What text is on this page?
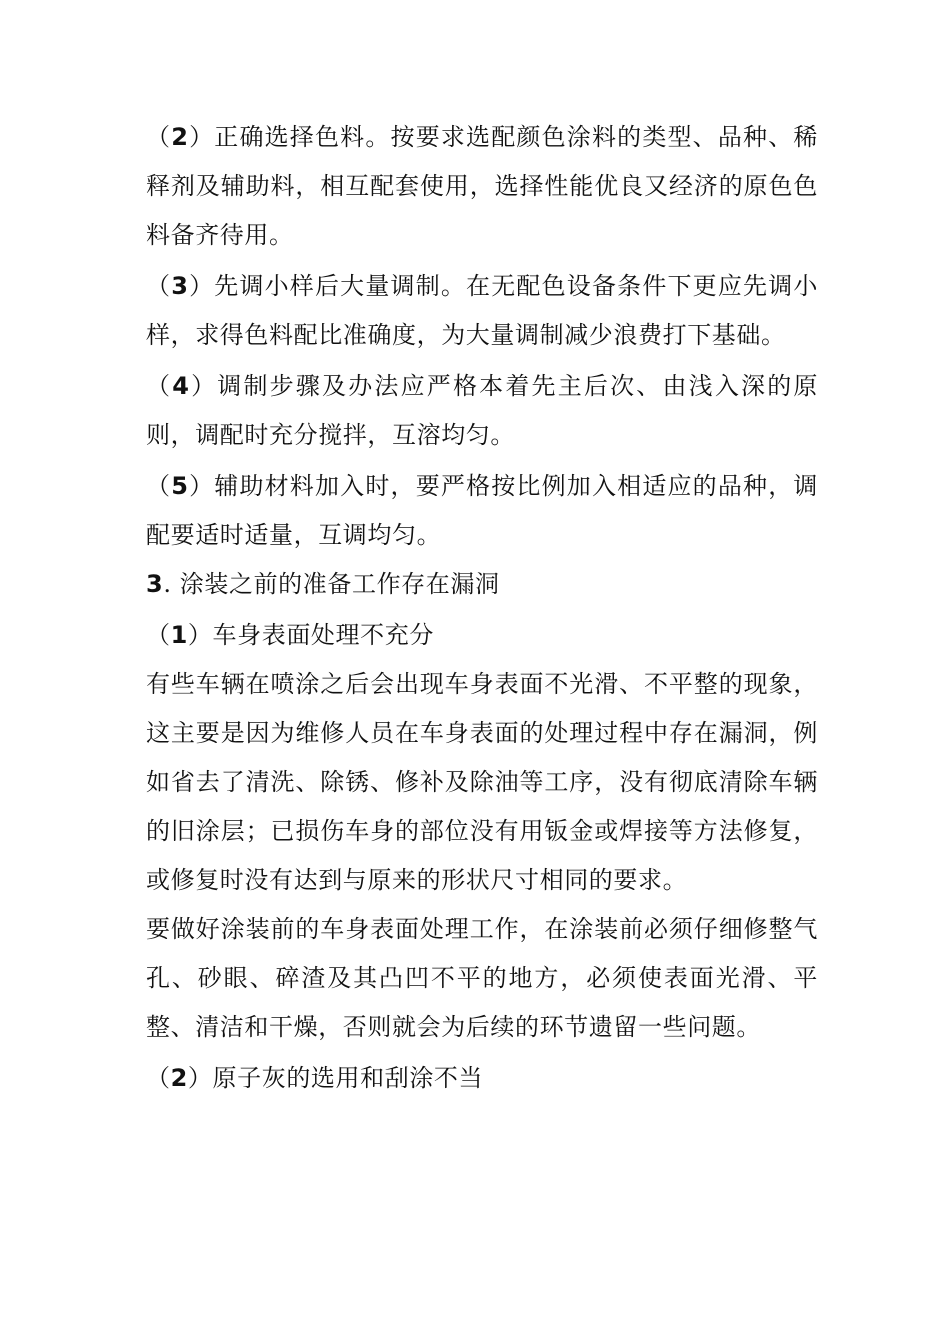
（2）正确选择色料。按要求选配颜色涂料的类型、品种、稀释剂及辅助料，相互配套使用，选择性能优良又经济的原色色料备齐待用。

（3）先调小样后大量调制。在无配色设备条件下更应先调小样，求得色料配比准确度，为大量调制减少浪费打下基础。

（4）调制步骤及办法应严格本着先主后次、由浅入深的原则，调配时充分搅拌，互溶均匀。

（5）辅助材料加入时，要严格按比例加入相适应的品种，调配要适时适量，互调均匀。

3. 涂装之前的准备工作存在漏洞

（1）车身表面处理不充分

有些车辆在喷涂之后会出现车身表面不光滑、不平整的现象，这主要是因为维修人员在车身表面的处理过程中存在漏洞，例如省去了清洗、除锈、修补及除油等工序，没有彻底清除车辆的旧涂层；已损伤车身的部位没有用钣金或焊接等方法修复，或修复时没有达到与原来的形状尺寸相同的要求。

要做好涂装前的车身表面处理工作，在涂装前必须仔细修整气孔、砂眼、碎渣及其凸凹不平的地方，必须使表面光滑、平整、清洁和干燥，否则就会为后续的环节遗留一些问题。

（2）原子灰的选用和刮涂不当
